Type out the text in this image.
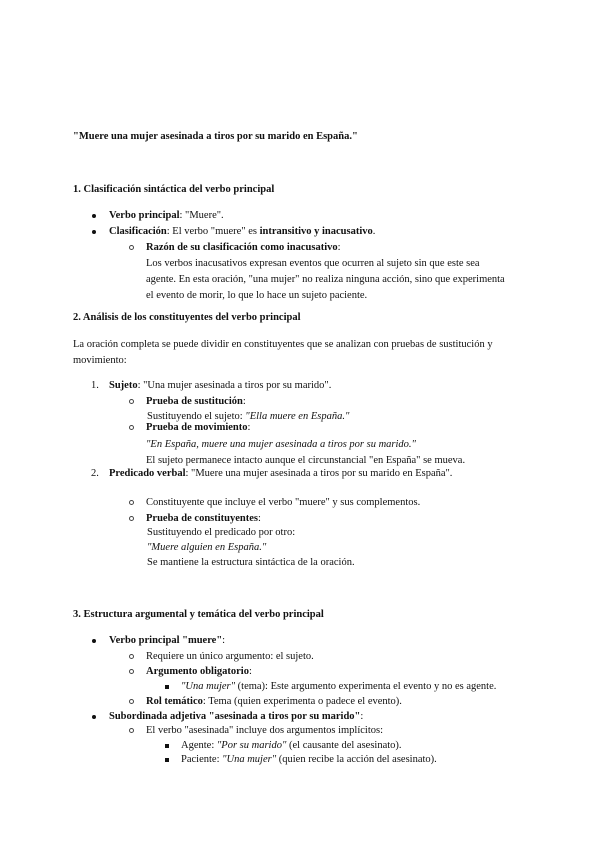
"Muere una mujer asesinada a tiros por su marido en España."
1. Clasificación sintáctica del verbo principal
Verbo principal: "Muere".
Clasificación: El verbo "muere" es intransitivo y inacusativo.
Razón de su clasificación como inacusativo:
Los verbos inacusativos expresan eventos que ocurren al sujeto sin que este sea
agente. En esta oración, "una mujer" no realiza ninguna acción, sino que experimenta
el evento de morir, lo que lo hace un sujeto paciente.
2. Análisis de los constituyentes del verbo principal
La oración completa se puede dividir en constituyentes que se analizan con pruebas de sustitución y
movimiento:
1. Sujeto: "Una mujer asesinada a tiros por su marido".
Prueba de sustitución:
Sustituyendo el sujeto: "Ella muere en España."
Prueba de movimiento:
"En España, muere una mujer asesinada a tiros por su marido."
El sujeto permanece intacto aunque el circunstancial "en España" se mueva.
2. Predicado verbal: "Muere una mujer asesinada a tiros por su marido en España".
Constituyente que incluye el verbo "muere" y sus complementos.
Prueba de constituyentes:
Sustituyendo el predicado por otro:
"Muere alguien en España."
Se mantiene la estructura sintáctica de la oración.
3. Estructura argumental y temática del verbo principal
Verbo principal "muere":
Requiere un único argumento: el sujeto.
Argumento obligatorio:
"Una mujer" (tema): Este argumento experimenta el evento y no es agente.
Rol temático: Tema (quien experimenta o padece el evento).
Subordinada adjetiva "asesinada a tiros por su marido":
El verbo "asesinada" incluye dos argumentos implícitos:
Agente: "Por su marido" (el causante del asesinato).
Paciente: "Una mujer" (quien recibe la acción del asesinato).
